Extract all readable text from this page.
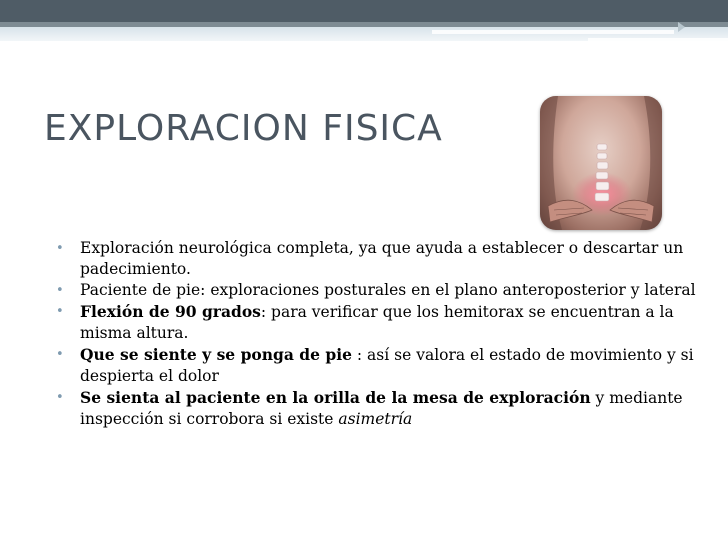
EXPLORACION FISICA
• Exploración neurológica completa, ya que ayuda a establecer o descartar un padecimiento.
• Paciente de pie: exploraciones posturales en el plano anteroposterior y lateral
• Flexión de 90 grados: para verificar que los hemitorax se encuentran a la misma altura.
• Que se siente y se ponga de pie : así se valora el estado de movimiento y si despierta el dolor
• Se sienta al paciente en la orilla de la mesa de exploración y mediante
inspección si corrobora si existe asimetría
